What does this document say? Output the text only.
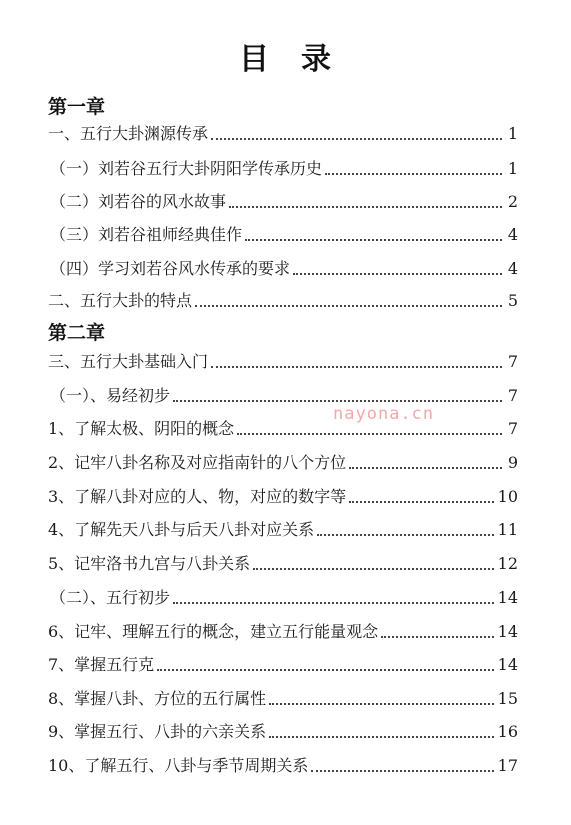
目　录
第一章
一、五行大卦渊源传承	1
（一）刘若谷五行大卦阴阳学传承历史	1
（二）刘若谷的风水故事	2
（三）刘若谷祖师经典佳作	4
（四）学习刘若谷风水传承的要求	4
二、五行大卦的特点	5
第二章
三、五行大卦基础入门	7
（一）、易经初步	7
1、了解太极、阴阳的概念	7
2、记牢八卦名称及对应指南针的八个方位	9
3、了解八卦对应的人、物，对应的数字等	10
4、了解先天八卦与后天八卦对应关系	11
5、记牢洛书九宫与八卦关系	12
（二）、五行初步	14
6、记牢、理解五行的概念，建立五行能量观念	14
7、掌握五行克	14
8、掌握八卦、方位的五行属性	15
9、掌握五行、八卦的六亲关系	16
10、了解五行、八卦与季节周期关系	17
nayona.cn
